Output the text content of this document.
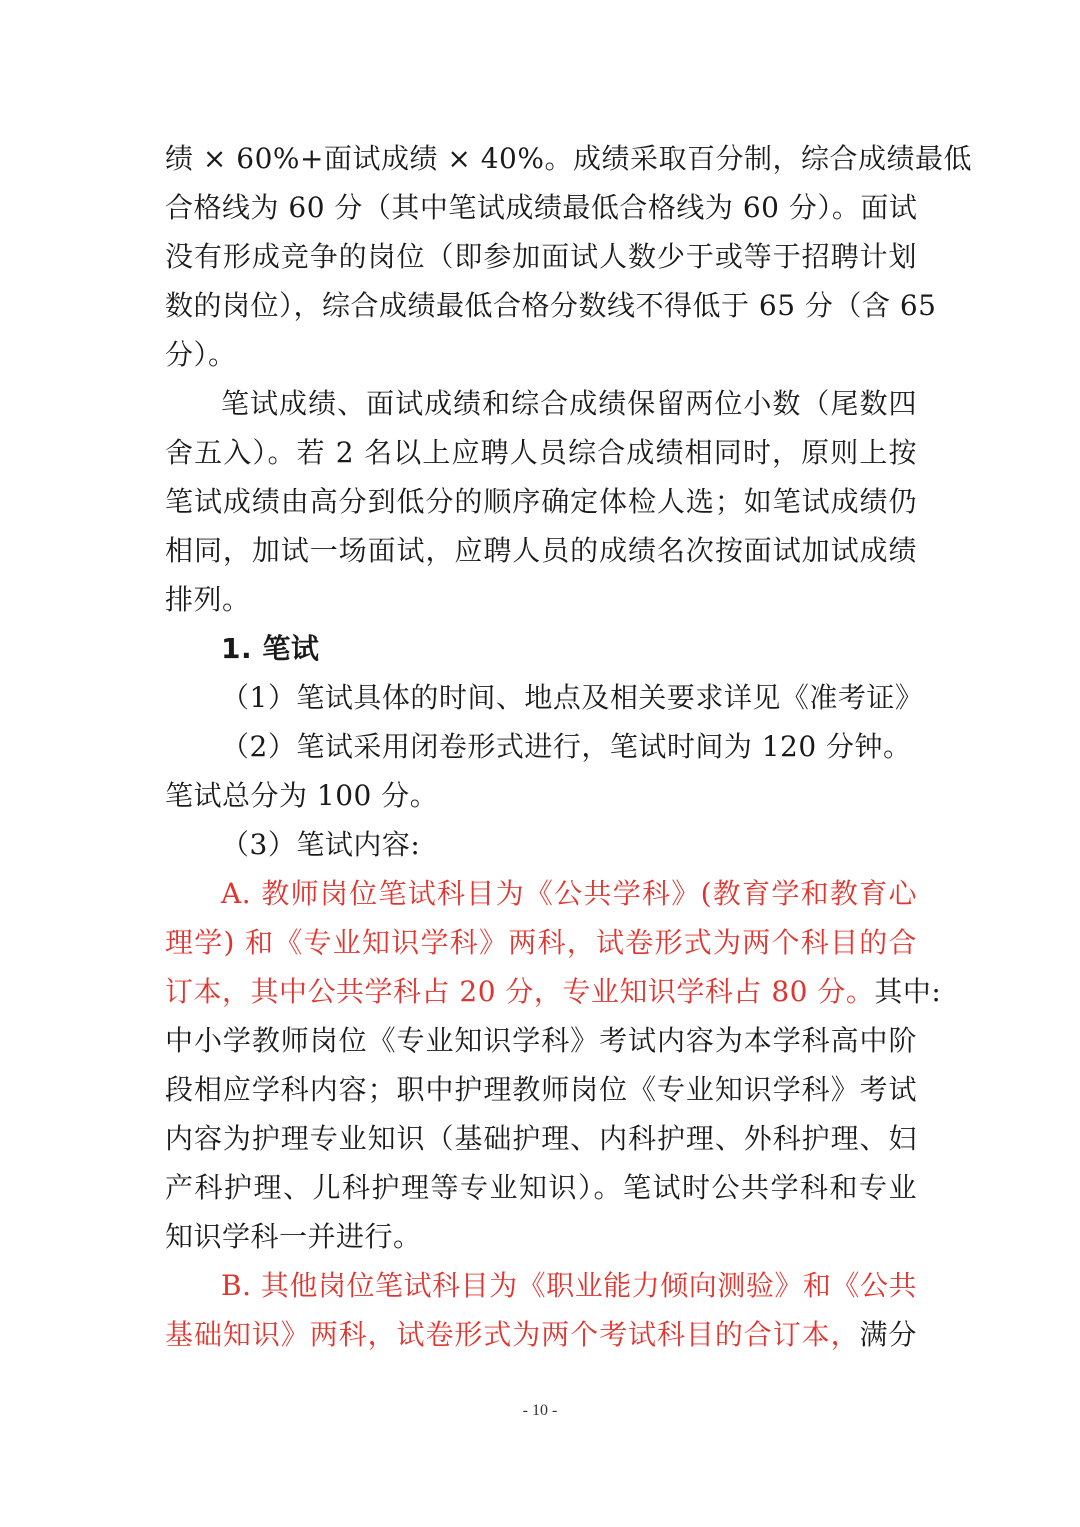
绩 × 60%+面试成绩 × 40%。成绩采取百分制，综合成绩最低
合格线为 60 分（其中笔试成绩最低合格线为 60 分）。面试
没有形成竞争的岗位（即参加面试人数少于或等于招聘计划
数的岗位），综合成绩最低合格分数线不得低于 65 分（含 65
分）。
笔试成绩、面试成绩和综合成绩保留两位小数（尾数四
舍五入）。若 2 名以上应聘人员综合成绩相同时，原则上按
笔试成绩由高分到低分的顺序确定体检人选；如笔试成绩仍
相同，加试一场面试，应聘人员的成绩名次按面试加试成绩
排列。
1. 笔试
（1）笔试具体的时间、地点及相关要求详见《准考证》
（2）笔试采用闭卷形式进行，笔试时间为 120 分钟。
笔试总分为 100 分。
（3）笔试内容:
A. 教师岗位笔试科目为《公共学科》(教育学和教育心
理学) 和《专业知识学科》两科，试卷形式为两个科目的合
订本，其中公共学科占 20 分，专业知识学科占 80 分。其中:
中小学教师岗位《专业知识学科》考试内容为本学科高中阶
段相应学科内容；职中护理教师岗位《专业知识学科》考试
内容为护理专业知识（基础护理、内科护理、外科护理、妇
产科护理、儿科护理等专业知识）。笔试时公共学科和专业
知识学科一并进行。
B. 其他岗位笔试科目为《职业能力倾向测验》和《公共
基础知识》两科，试卷形式为两个考试科目的合订本，满分
- 10 -
